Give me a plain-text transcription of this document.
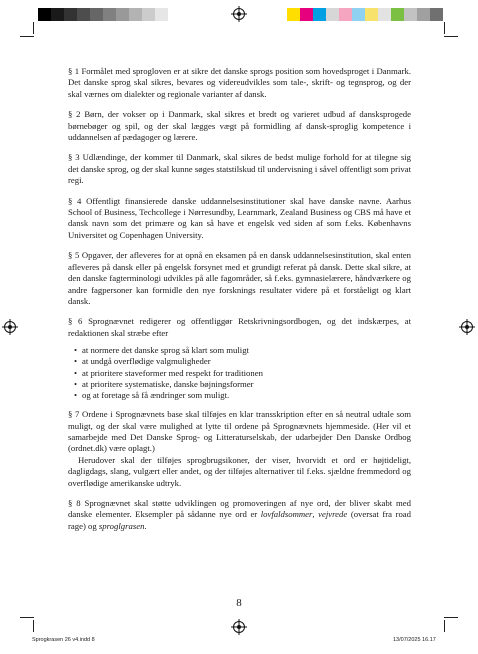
§ 1 Formålet med sprogloven er at sikre det danske sprogs position som hovedsproget i Danmark. Det danske sprog skal sikres, bevares og videreudvikles som tale-, skrift- og tegnsprog, og der skal værnes om dialekter og regionale varianter af dansk.

§ 2 Børn, der vokser op i Danmark, skal sikres et bredt og varieret udbud af dansksprogede børnebøger og spil, og der skal lægges vægt på formidling af dansk-sproglig kompetence i uddannelsen af pædagoger og lærere.

§ 3 Udlændinge, der kommer til Danmark, skal sikres de bedst mulige forhold for at tilegne sig det danske sprog, og der skal kunne søges statstilskud til undervisning i såvel offentligt som privat regi.

§ 4 Offentligt finansierede danske uddannelsesinstitutioner skal have danske navne. Aarhus School of Business, Techcollege i Nørresundby, Learnmark, Zealand Business og CBS må have et dansk navn som det primære og kan så have et engelsk ved siden af som f.eks. Københavns Universitet og Copenhagen University.

§ 5 Opgaver, der afleveres for at opnå en eksamen på en dansk uddannelsesinstitution, skal enten afleveres på dansk eller på engelsk forsynet med et grundigt referat på dansk. Dette skal sikre, at den danske fagterminologi udvikles på alle fagområder, så f.eks. gymnasielærere, håndværkere og andre fagpersoner kan formidle den nye forsknings resultater videre på et forståeligt og klart dansk.

§ 6 Sprognævnet redigerer og offentliggør Retskrivningsordbogen, og det indskærpes, at redaktionen skal stræbe efter

• at normere det danske sprog så klart som muligt
• at undgå overflødige valgmuligheder
• at prioritere staveformer med respekt for traditionen
• at prioritere systematiske, danske bøjningsformer
• og at foretage så få ændringer som muligt.

§ 7 Ordene i Sprognævnets base skal tilføjes en klar transskription efter en så neutral udtale som muligt, og der skal være mulighed at lytte til ordene på Sprognævnets hjemmeside. (Her vil et samarbejde med Det Danske Sprog- og Litteraturselskab, der udarbejder Den Danske Ordbog (ordnet.dk) være oplagt.)

Herudover skal der tilføjes sprogbrugsikoner, der viser, hvorvidt et ord er højtideligt, dagligdags, slang, vulgært eller andet, og der tilføjes alternativer til f.eks. sjældne fremmedord og overflødige amerikanske udtryk.

§ 8 Sprognævnet skal støtte udviklingen og promoveringen af nye ord, der bliver skabt med danske elementer. Eksempler på sådanne nye ord er lovfaldsommer, vejvrede (oversat fra road rage) og sproglgrasen.

8
Sprogkrasen 26 v4.indd 8	13/07/2025 16.17
